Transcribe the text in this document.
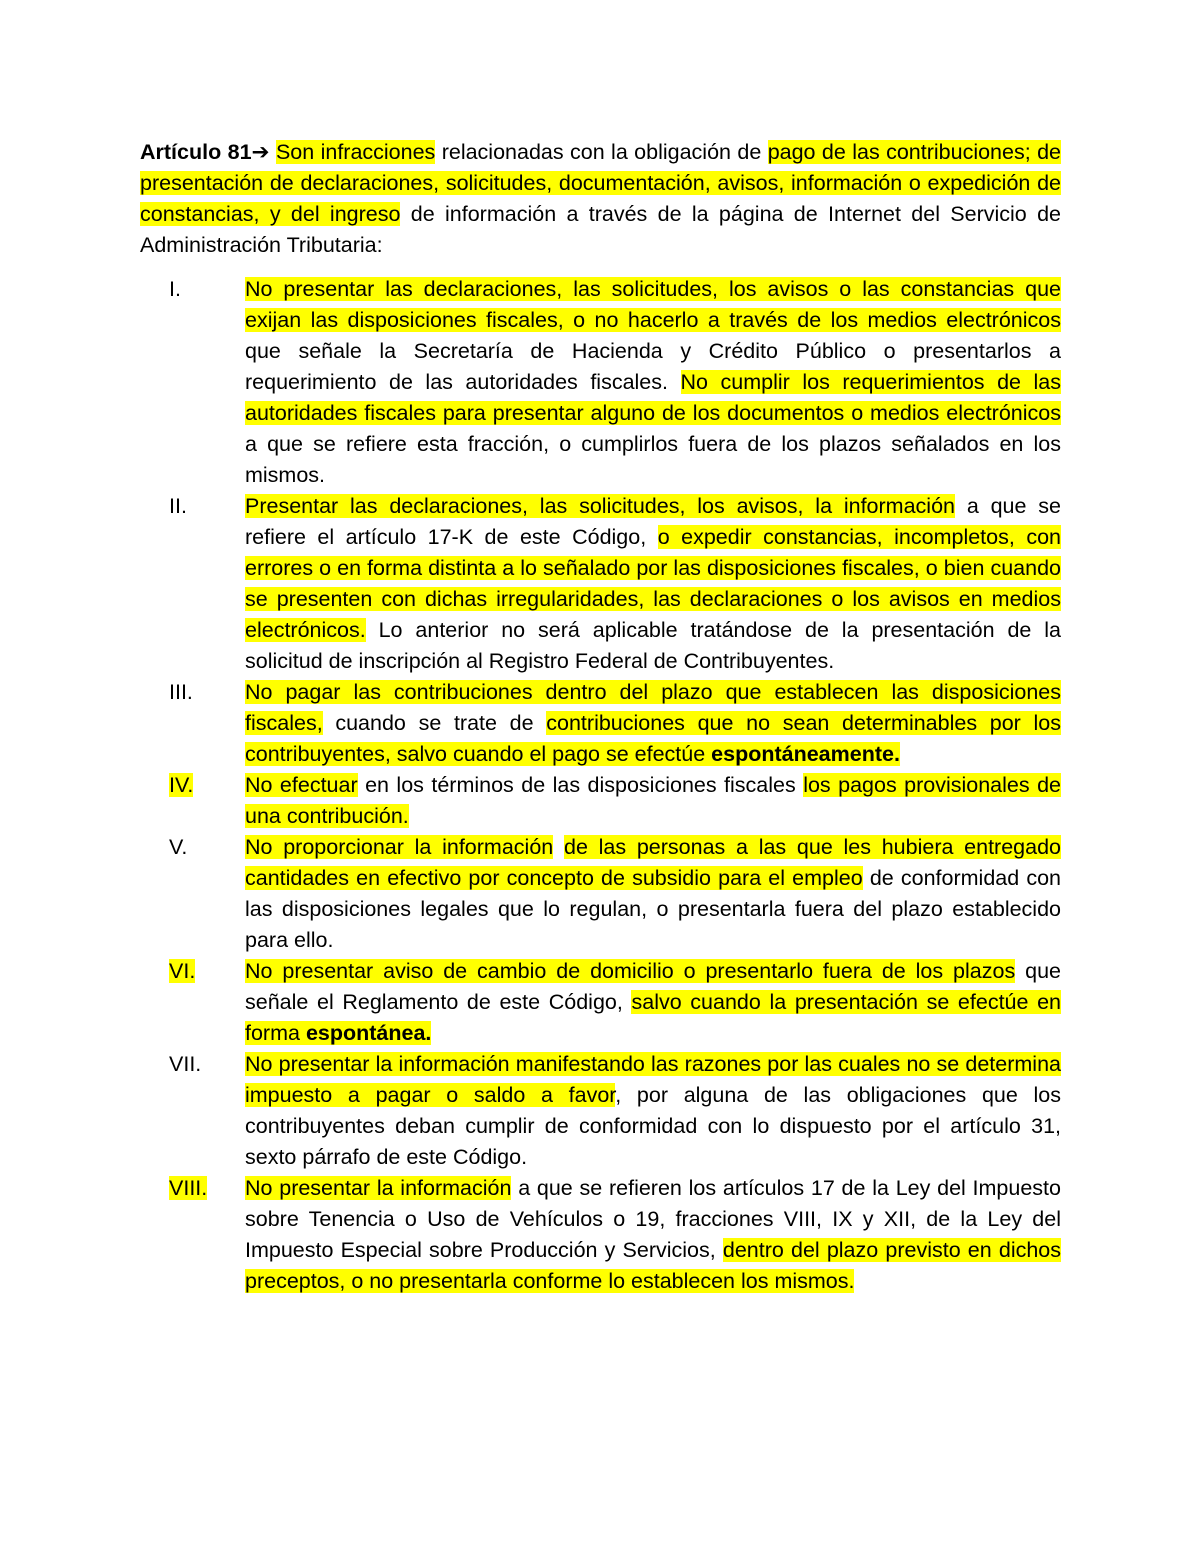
Artículo 81➔ Son infracciones relacionadas con la obligación de pago de las contribuciones; de presentación de declaraciones, solicitudes, documentación, avisos, información o expedición de constancias, y del ingreso de información a través de la página de Internet del Servicio de Administración Tributaria:

I.	No presentar las declaraciones, las solicitudes, los avisos o las constancias que exijan las disposiciones fiscales, o no hacerlo a través de los medios electrónicos que señale la Secretaría de Hacienda y Crédito Público o presentarlos a requerimiento de las autoridades fiscales. No cumplir los requerimientos de las autoridades fiscales para presentar alguno de los documentos o medios electrónicos a que se refiere esta fracción, o cumplirlos fuera de los plazos señalados en los mismos.
II.	Presentar las declaraciones, las solicitudes, los avisos, la información a que se refiere el artículo 17-K de este Código, o expedir constancias, incompletos, con errores o en forma distinta a lo señalado por las disposiciones fiscales, o bien cuando se presenten con dichas irregularidades, las declaraciones o los avisos en medios electrónicos. Lo anterior no será aplicable tratándose de la presentación de la solicitud de inscripción al Registro Federal de Contribuyentes.
III.	No pagar las contribuciones dentro del plazo que establecen las disposiciones fiscales, cuando se trate de contribuciones que no sean determinables por los contribuyentes, salvo cuando el pago se efectúe espontáneamente.
IV.	No efectuar en los términos de las disposiciones fiscales los pagos provisionales de una contribución.
V.	No proporcionar la información de las personas a las que les hubiera entregado cantidades en efectivo por concepto de subsidio para el empleo de conformidad con las disposiciones legales que lo regulan, o presentarla fuera del plazo establecido para ello.
VI.	No presentar aviso de cambio de domicilio o presentarlo fuera de los plazos que señale el Reglamento de este Código, salvo cuando la presentación se efectúe en forma espontánea.
VII.	No presentar la información manifestando las razones por las cuales no se determina impuesto a pagar o saldo a favor, por alguna de las obligaciones que los contribuyentes deban cumplir de conformidad con lo dispuesto por el artículo 31, sexto párrafo de este Código.
VIII.	No presentar la información a que se refieren los artículos 17 de la Ley del Impuesto sobre Tenencia o Uso de Vehículos o 19, fracciones VIII, IX y XII, de la Ley del Impuesto Especial sobre Producción y Servicios, dentro del plazo previsto en dichos preceptos, o no presentarla conforme lo establecen los mismos.
